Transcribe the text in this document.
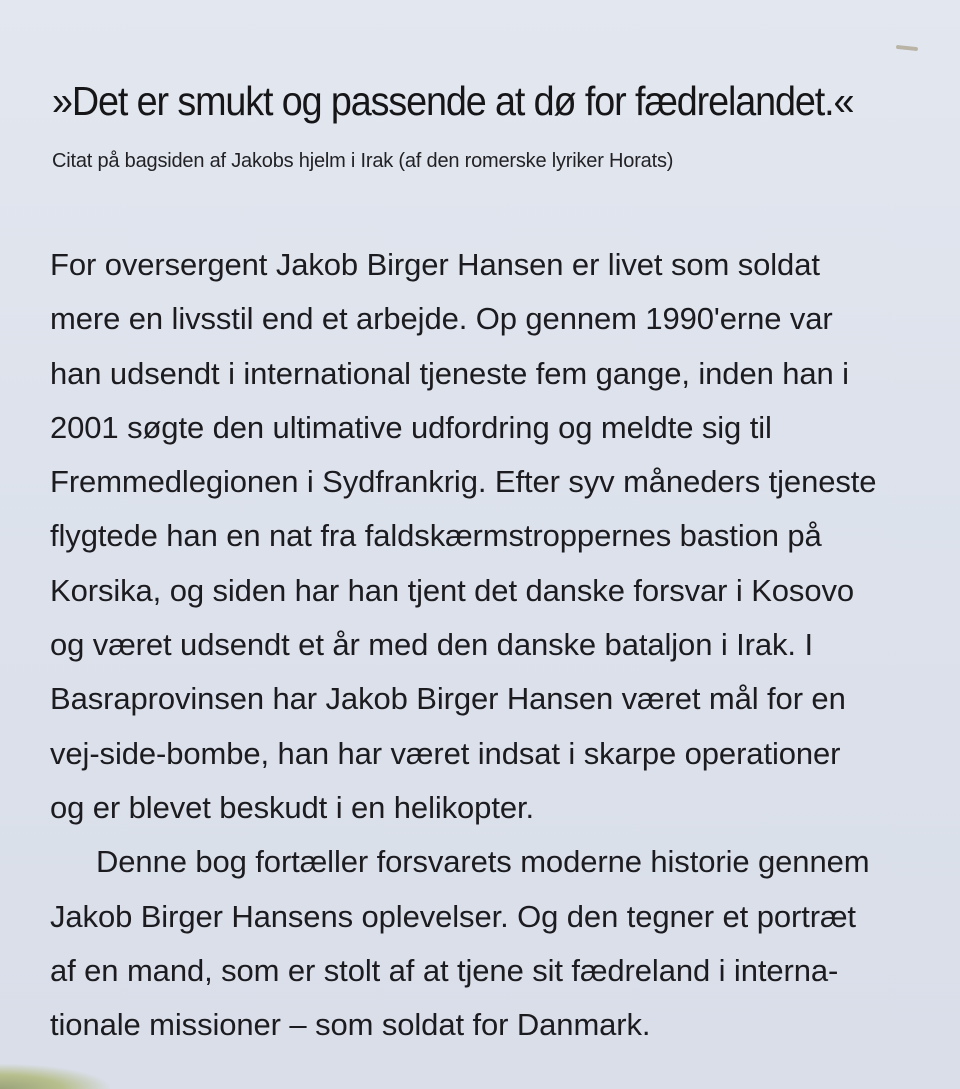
»Det er smukt og passende at dø for fædrelandet.«
Citat på bagsiden af Jakobs hjelm i Irak (af den romerske lyriker Horats)
For oversergent Jakob Birger Hansen er livet som soldat
mere en livsstil end et arbejde. Op gennem 1990'erne var
han udsendt i international tjeneste fem gange, inden han i
2001 søgte den ultimative udfordring og meldte sig til
Fremmedlegionen i Sydfrankrig. Efter syv måneders tjeneste
flygtede han en nat fra faldskærmstroppernes bastion på
Korsika, og siden har han tjent det danske forsvar i Kosovo
og været udsendt et år med den danske bataljon i Irak. I
Basraprovinsen har Jakob Birger Hansen været mål for en
vej-side-bombe, han har været indsat i skarpe operationer
og er blevet beskudt i en helikopter.
Denne bog fortæller forsvarets moderne historie gennem
Jakob Birger Hansens oplevelser. Og den tegner et portræt
af en mand, som er stolt af at tjene sit fædreland i interna-
tionale missioner – som soldat for Danmark.
